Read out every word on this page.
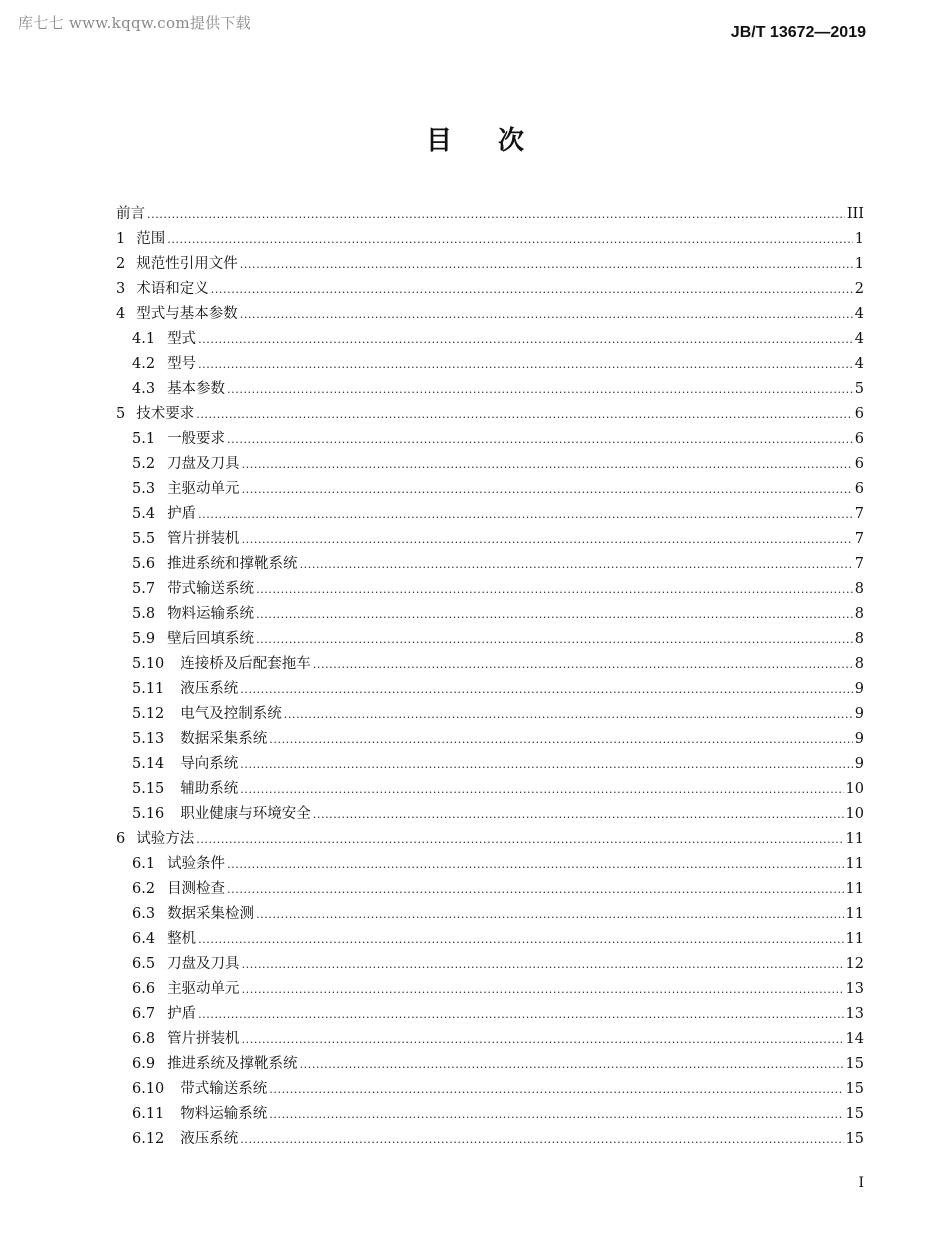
库七七 www.kqqw.com提供下载
JB/T 13672—2019
目次
前言 .....	III
1 范围 .....	1
2 规范性引用文件 .....	1
3 术语和定义 .....	2
4 型式与基本参数 .....	4
4.1 型式 .....	4
4.2 型号 .....	4
4.3 基本参数 .....	5
5 技术要求 .....	6
5.1 一般要求 .....	6
5.2 刀盘及刀具 .....	6
5.3 主驱动单元 .....	6
5.4 护盾 .....	7
5.5 管片拼装机 .....	7
5.6 推进系统和撑靴系统 .....	7
5.7 带式输送系统 .....	8
5.8 物料运输系统 .....	8
5.9 壁后回填系统 .....	8
5.10 连接桥及后配套拖车 .....	8
5.11 液压系统 .....	9
5.12 电气及控制系统 .....	9
5.13 数据采集系统 .....	9
5.14 导向系统 .....	9
5.15 辅助系统 .....	10
5.16 职业健康与环境安全 .....	10
6 试验方法 .....	11
6.1 试验条件 .....	11
6.2 目测检查 .....	11
6.3 数据采集检测 .....	11
6.4 整机 .....	11
6.5 刀盘及刀具 .....	12
6.6 主驱动单元 .....	13
6.7 护盾 .....	13
6.8 管片拼装机 .....	14
6.9 推进系统及撑靴系统 .....	15
6.10 带式输送系统 .....	15
6.11 物料运输系统 .....	15
6.12 液压系统 .....	15
I
